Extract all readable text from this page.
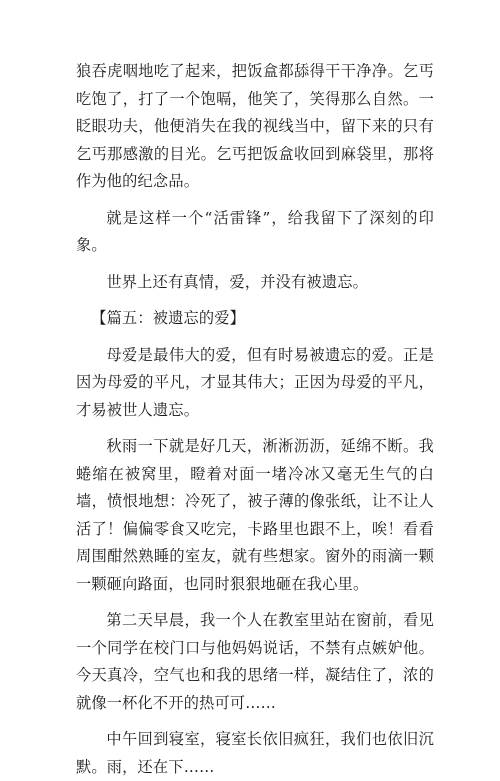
狼吞虎咽地吃了起来，把饭盒都舔得干干净净。乞丐吃饱了，打了一个饱嗝，他笑了，笑得那么自然。一眨眼功夫，他便消失在我的视线当中，留下来的只有乞丐那感激的目光。乞丐把饭盒收回到麻袋里，那将作为他的纪念品。

就是这样一个“活雷锋”，给我留下了深刻的印象。

世界上还有真情，爱，并没有被遗忘。

【篇五：被遗忘的爱】

母爱是最伟大的爱，但有时易被遗忘的爱。正是因为母爱的平凡，才显其伟大；正因为母爱的平凡，才易被世人遗忘。

秋雨一下就是好几天，淅淅沥沥，延绵不断。我蜷缩在被窝里，瞪着对面一堵冷冰又毫无生气的白墙，愤恨地想：冷死了，被子薄的像张纸，让不让人活了！偏偏零食又吃完，卡路里也跟不上，唉！看看周围酣然熟睡的室友，就有些想家。窗外的雨滴一颗一颗砸向路面，也同时狠狠地砸在我心里。

第二天早晨，我一个人在教室里站在窗前，看见一个同学在校门口与他妈妈说话，不禁有点嫉妒他。今天真冷，空气也和我的思绪一样，凝结住了，浓的就像一杯化不开的热可可……

中午回到寝室，寝室长依旧疯狂，我们也依旧沉默。雨，还在下……
